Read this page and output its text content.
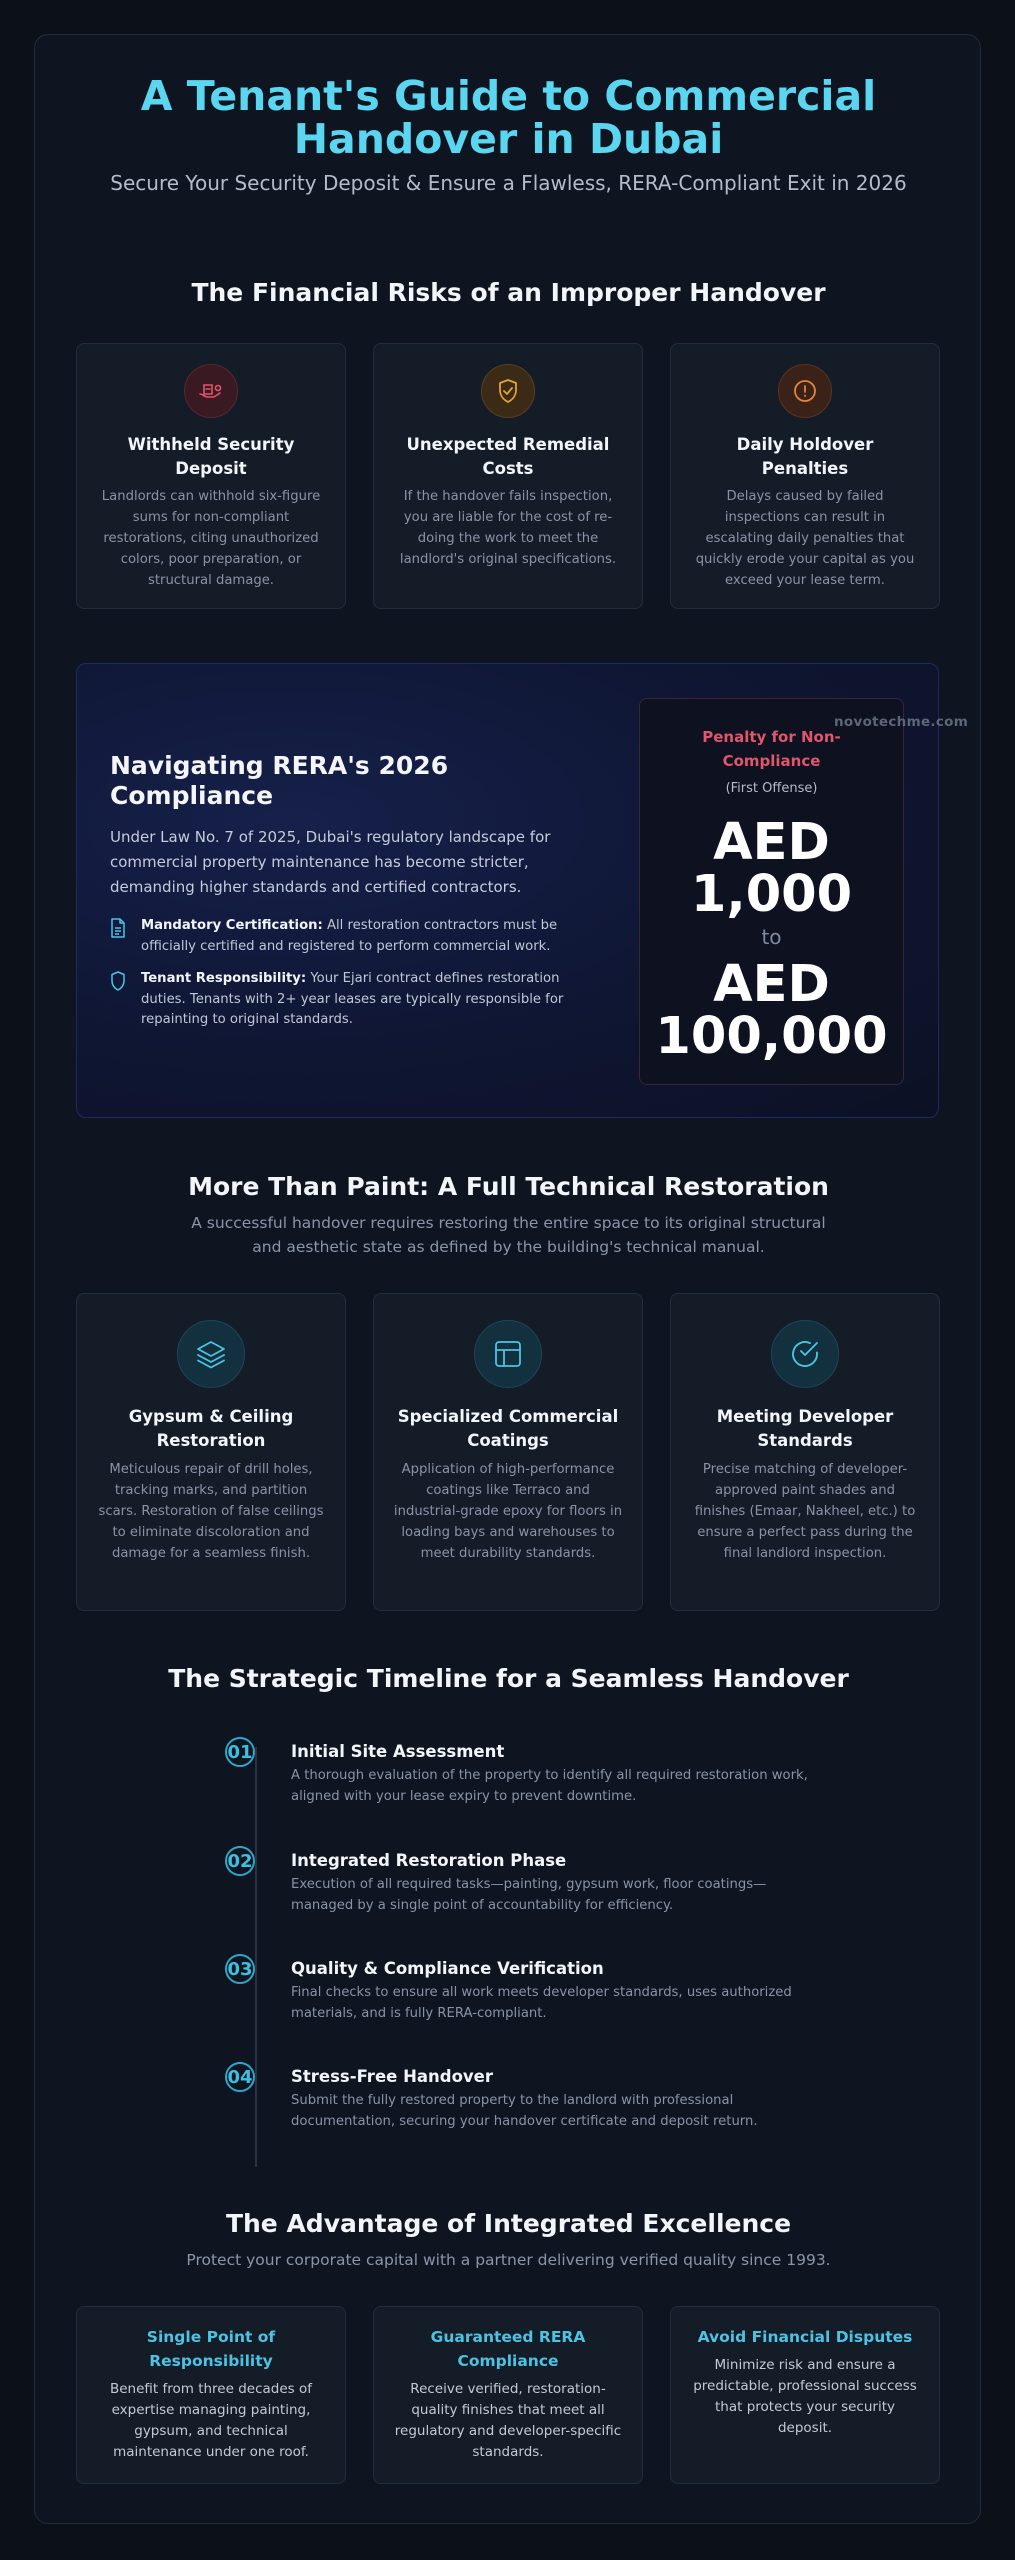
A Tenant's Guide to Commercial
Handover in Dubai
Secure Your Security Deposit & Ensure a Flawless, RERA-Compliant Exit in 2026
The Financial Risks of an Improper Handover
Withheld Security Deposit
Landlords can withhold six-figure sums for non-compliant restorations, citing unauthorized colors, poor preparation, or structural damage.
Unexpected Remedial Costs
If the handover fails inspection, you are liable for the cost of re-doing the work to meet the landlord's original specifications.
Daily Holdover Penalties
Delays caused by failed inspections can result in escalating daily penalties that quickly erode your capital as you exceed your lease term.
Navigating RERA's 2026 Compliance
Under Law No. 7 of 2025, Dubai's regulatory landscape for commercial property maintenance has become stricter, demanding higher standards and certified contractors.
Mandatory Certification: All restoration contractors must be officially certified and registered to perform commercial work.
Tenant Responsibility: Your Ejari contract defines restoration duties. Tenants with 2+ year leases are typically responsible for repainting to original standards.
Penalty for Non-Compliance
(First Offense)
AED
1,000
to
AED
100,000
More Than Paint: A Full Technical Restoration
A successful handover requires restoring the entire space to its original structural and aesthetic state as defined by the building's technical manual.
Gypsum & Ceiling Restoration
Meticulous repair of drill holes, tracking marks, and partition scars. Restoration of false ceilings to eliminate discoloration and damage for a seamless finish.
Specialized Commercial Coatings
Application of high-performance coatings like Terraco and industrial-grade epoxy for floors in loading bays and warehouses to meet durability standards.
Meeting Developer Standards
Precise matching of developer-approved paint shades and finishes (Emaar, Nakheel, etc.) to ensure a perfect pass during the final landlord inspection.
The Strategic Timeline for a Seamless Handover
01 Initial Site Assessment
A thorough evaluation of the property to identify all required restoration work, aligned with your lease expiry to prevent downtime.
02 Integrated Restoration Phase
Execution of all required tasks—painting, gypsum work, floor coatings—managed by a single point of accountability for efficiency.
03 Quality & Compliance Verification
Final checks to ensure all work meets developer standards, uses authorized materials, and is fully RERA-compliant.
04 Stress-Free Handover
Submit the fully restored property to the landlord with professional documentation, securing your handover certificate and deposit return.
The Advantage of Integrated Excellence
Protect your corporate capital with a partner delivering verified quality since 1993.
Single Point of Responsibility
Benefit from three decades of expertise managing painting, gypsum, and technical maintenance under one roof.
Guaranteed RERA Compliance
Receive verified, restoration-quality finishes that meet all regulatory and developer-specific standards.
Avoid Financial Disputes
Minimize risk and ensure a predictable, professional success that protects your security deposit.
novotechme.com
